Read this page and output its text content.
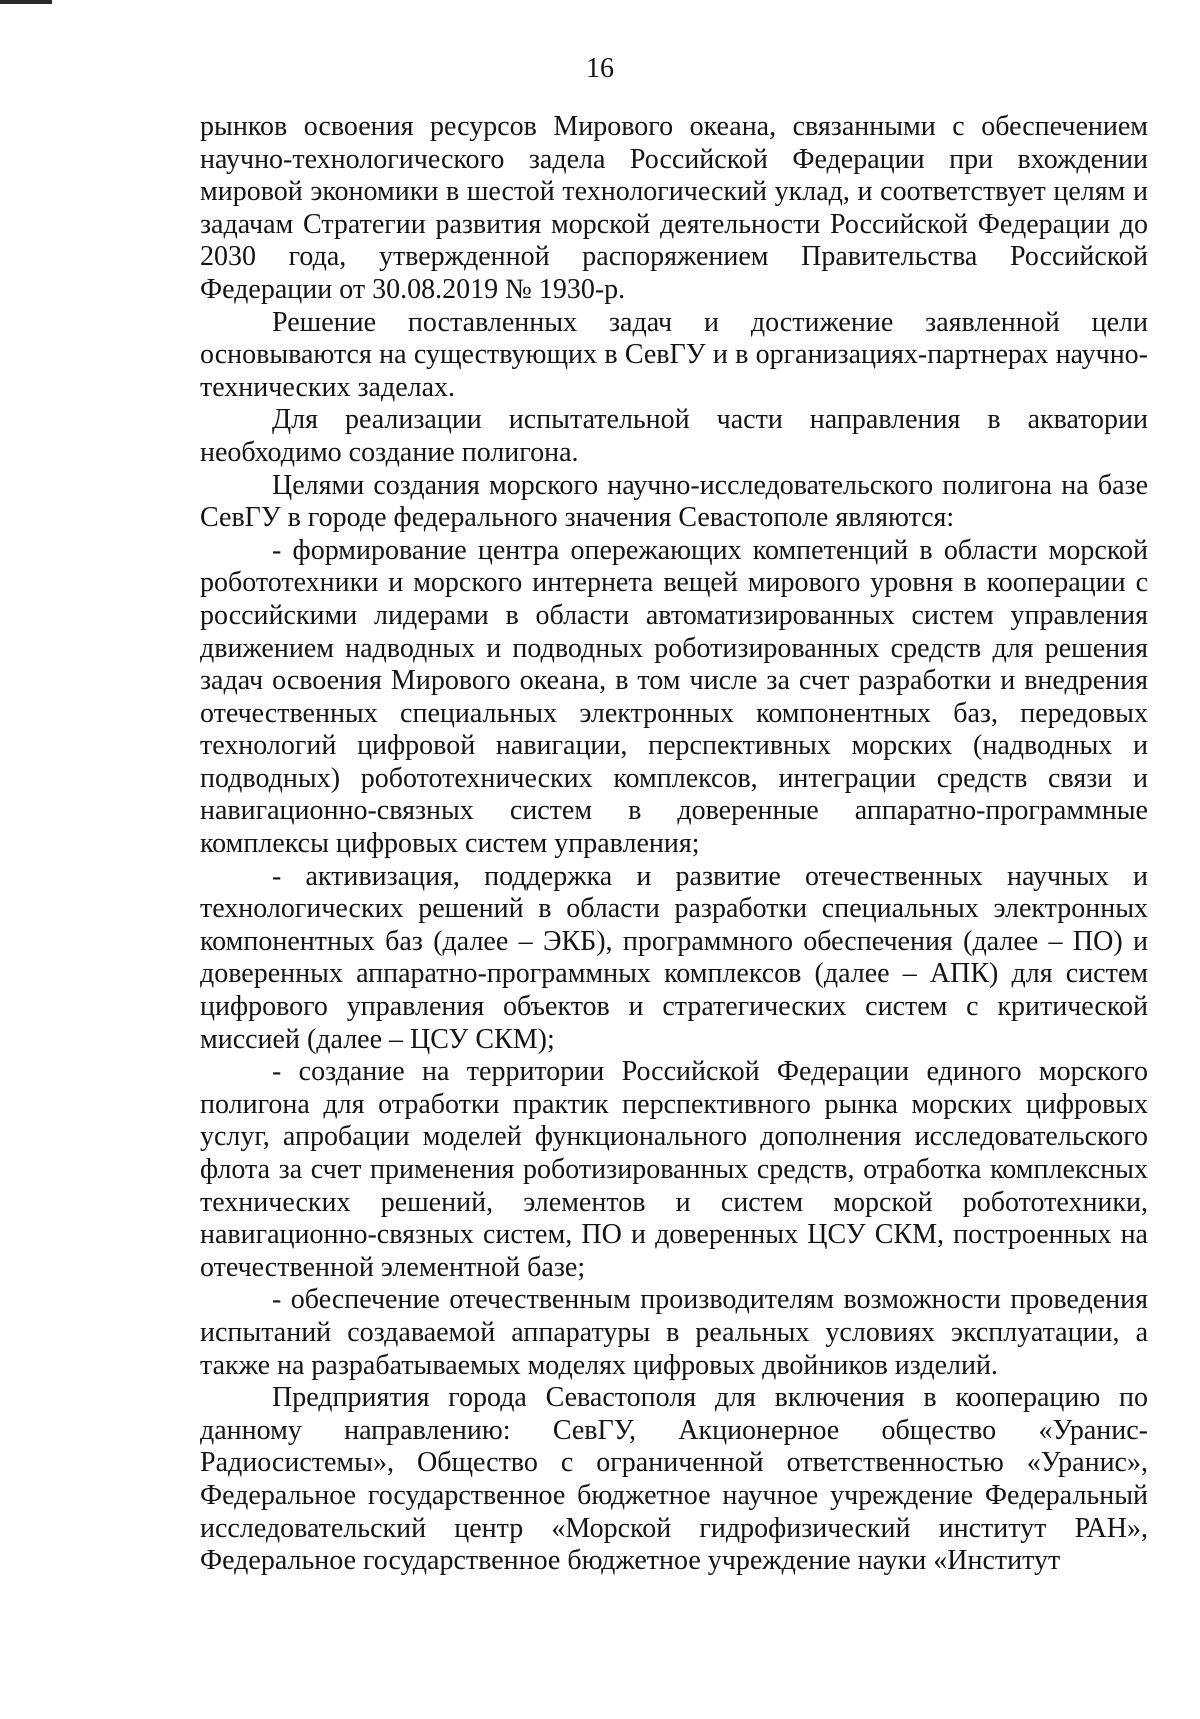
16

рынков освоения ресурсов Мирового океана, связанными с обеспечением научно-технологического задела Российской Федерации при вхождении мировой экономики в шестой технологический уклад, и соответствует целям и задачам Стратегии развития морской деятельности Российской Федерации до 2030 года, утвержденной распоряжением Правительства Российской Федерации от 30.08.2019 № 1930-р.

Решение поставленных задач и достижение заявленной цели основываются на существующих в СевГУ и в организациях-партнерах научно-технических заделах.

Для реализации испытательной части направления в акватории необходимо создание полигона.

Целями создания морского научно-исследовательского полигона на базе СевГУ в городе федерального значения Севастополе являются:

- формирование центра опережающих компетенций в области морской робототехники и морского интернета вещей мирового уровня в кооперации с российскими лидерами в области автоматизированных систем управления движением надводных и подводных роботизированных средств для решения задач освоения Мирового океана, в том числе за счет разработки и внедрения отечественных специальных электронных компонентных баз, передовых технологий цифровой навигации, перспективных морских (надводных и подводных) робототехнических комплексов, интеграции средств связи и навигационно-связных систем в доверенные аппаратно-программные комплексы цифровых систем управления;

- активизация, поддержка и развитие отечественных научных и технологических решений в области разработки специальных электронных компонентных баз (далее – ЭКБ), программного обеспечения (далее – ПО) и доверенных аппаратно-программных комплексов (далее – АПК) для систем цифрового управления объектов и стратегических систем с критической миссией (далее – ЦСУ СКМ);

- создание на территории Российской Федерации единого морского полигона для отработки практик перспективного рынка морских цифровых услуг, апробации моделей функционального дополнения исследовательского флота за счет применения роботизированных средств, отработка комплексных технических решений, элементов и систем морской робототехники, навигационно-связных систем, ПО и доверенных ЦСУ СКМ, построенных на отечественной элементной базе;

- обеспечение отечественным производителям возможности проведения испытаний создаваемой аппаратуры в реальных условиях эксплуатации, а также на разрабатываемых моделях цифровых двойников изделий.

Предприятия города Севастополя для включения в кооперацию по данному направлению: СевГУ, Акционерное общество «Уранис-Радиосистемы», Общество с ограниченной ответственностью «Уранис», Федеральное государственное бюджетное научное учреждение Федеральный исследовательский центр «Морской гидрофизический институт РАН», Федеральное государственное бюджетное учреждение науки «Институт
